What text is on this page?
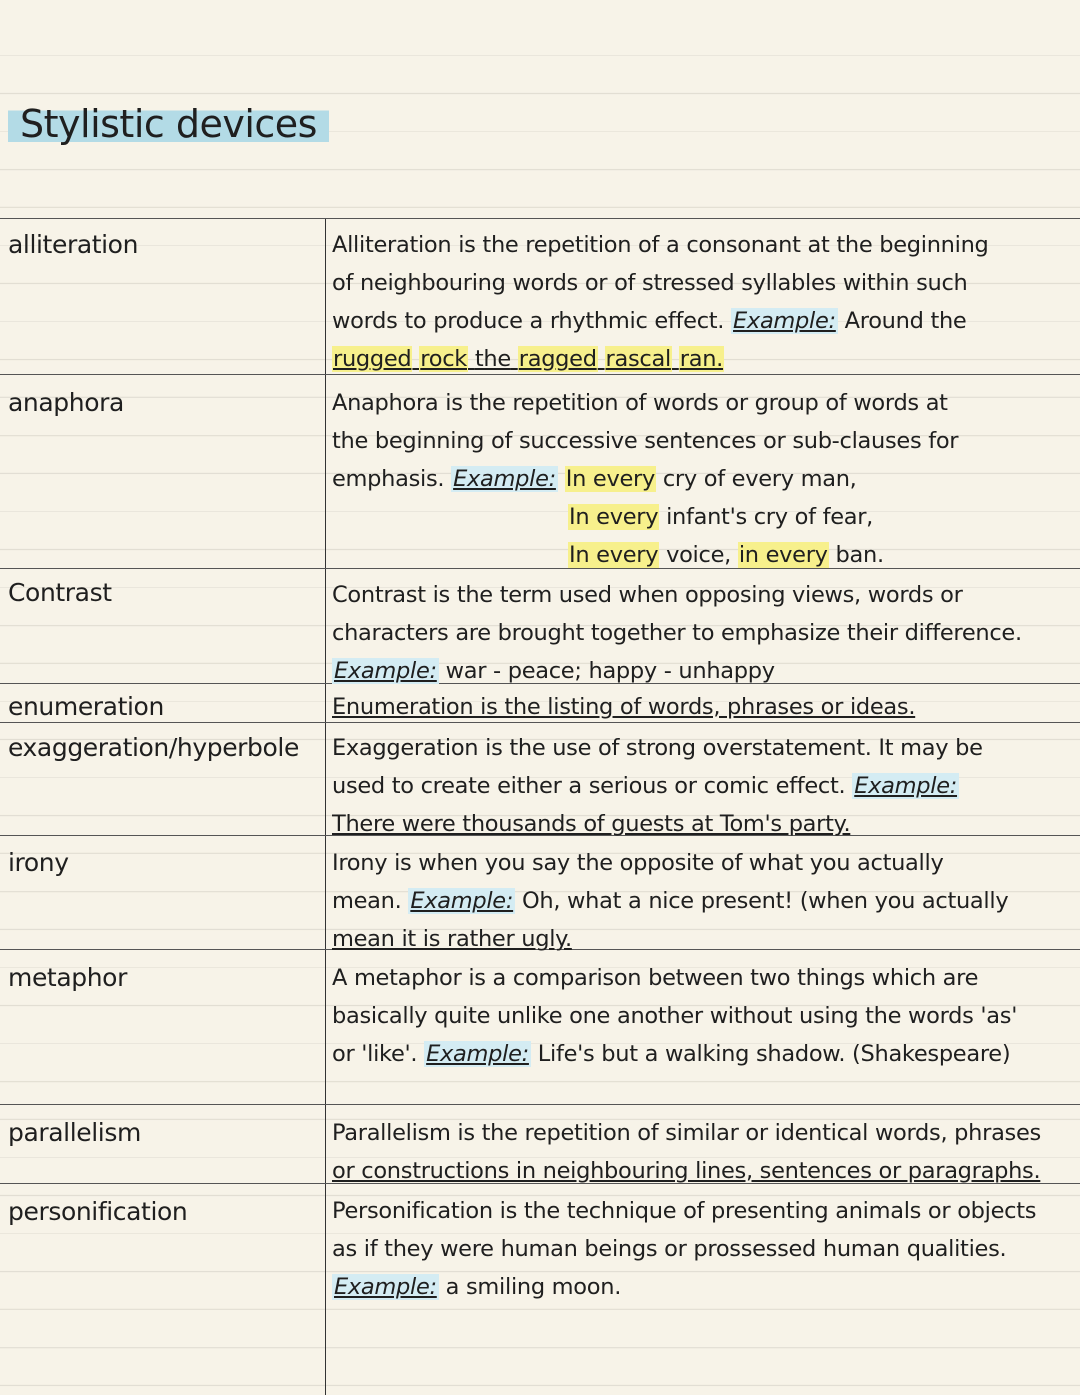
Stylistic devices
alliteration
anaphora
Contrast
enumeration
exaggeration/hyperbole
irony
metaphor
parallelism
personification
Alliteration is the repetition of a consonant at the beginning
of neighbouring words or of stressed syllables within such
words to produce a rhythmic effect. Example: Around the
rugged rock the ragged rascal ran.
Anaphora is the repetition of words or group of words at
the beginning of successive sentences or sub-clauses for
emphasis. Example: In every cry of every man,
In every infant's cry of fear,
In every voice, in every ban.
Contrast is the term used when opposing views, words or
characters are brought together to emphasize their difference.
Example: war - peace; happy - unhappy
Enumeration is the listing of words, phrases or ideas.
Exaggeration is the use of strong overstatement. It may be
used to create either a serious or comic effect. Example:
There were thousands of guests at Tom's party.
Irony is when you say the opposite of what you actually
mean. Example: Oh, what a nice present! (when you actually
mean it is rather ugly.
A metaphor is a comparison between two things which are
basically quite unlike one another without using the words 'as'
or 'like'. Example: Life's but a walking shadow. (Shakespeare)
Parallelism is the repetition of similar or identical words, phrases
or constructions in neighbouring lines, sentences or paragraphs.
Personification is the technique of presenting animals or objects
as if they were human beings or prossessed human qualities.
Example: a smiling moon.
